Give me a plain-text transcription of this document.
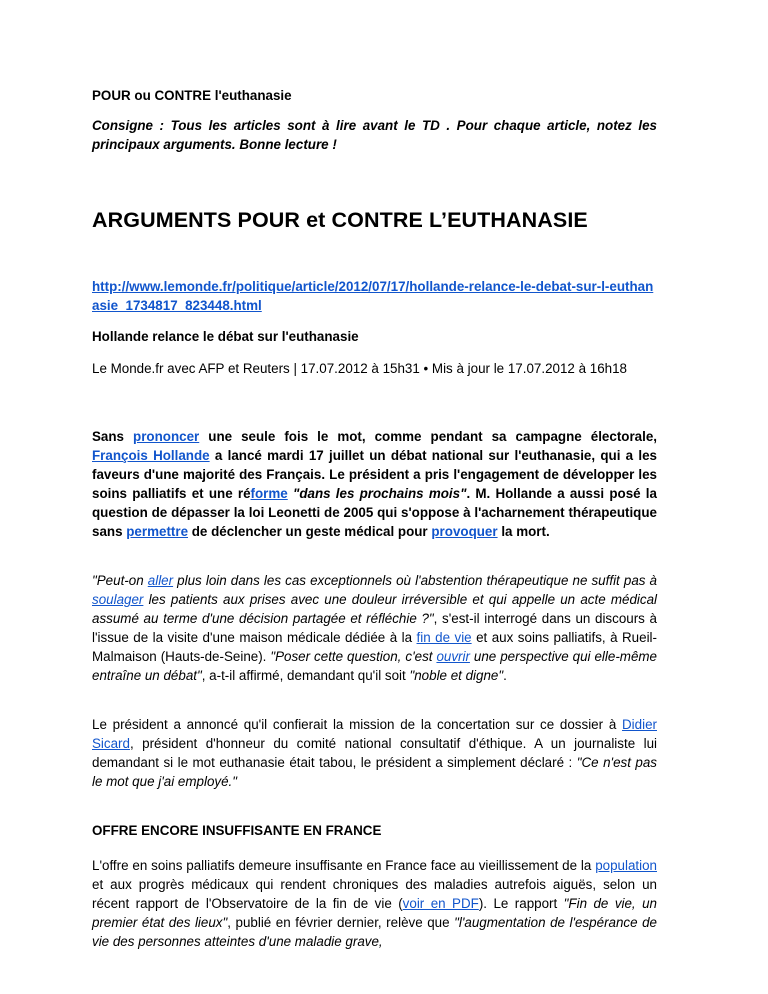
POUR ou CONTRE l'euthanasie

Consigne : Tous les articles sont à lire avant le TD . Pour chaque article, notez les principaux arguments. Bonne lecture !

ARGUMENTS POUR et CONTRE L’EUTHANASIE

http://www.lemonde.fr/politique/article/2012/07/17/hollande-relance-le-debat-sur-l-euthanasie_1734817_823448.html

Hollande relance le débat sur l'euthanasie

Le Monde.fr avec AFP et Reuters | 17.07.2012 à 15h31 • Mis à jour le 17.07.2012 à 16h18

Sans prononcer une seule fois le mot, comme pendant sa campagne électorale, François Hollande a lancé mardi 17 juillet un débat national sur l'euthanasie, qui a les faveurs d'une majorité des Français. Le président a pris l'engagement de développer les soins palliatifs et une réforme "dans les prochains mois". M. Hollande a aussi posé la question de dépasser la loi Leonetti de 2005 qui s'oppose à l'acharnement thérapeutique sans permettre de déclencher un geste médical pour provoquer la mort.

"Peut-on aller plus loin dans les cas exceptionnels où l'abstention thérapeutique ne suffit pas à soulager les patients aux prises avec une douleur irréversible et qui appelle un acte médical assumé au terme d'une décision partagée et réfléchie ?", s'est-il interrogé dans un discours à l'issue de la visite d'une maison médicale dédiée à la fin de vie et aux soins palliatifs, à Rueil-Malmaison (Hauts-de-Seine). "Poser cette question, c'est ouvrir une perspective qui elle-même entraîne un débat", a-t-il affirmé, demandant qu'il soit "noble et digne".

Le président a annoncé qu'il confierait la mission de la concertation sur ce dossier à Didier Sicard, président d'honneur du comité national consultatif d'éthique. A un journaliste lui demandant si le mot euthanasie était tabou, le président a simplement déclaré : "Ce n'est pas le mot que j'ai employé."

OFFRE ENCORE INSUFFISANTE EN FRANCE

L'offre en soins palliatifs demeure insuffisante en France face au vieillissement de la population et aux progrès médicaux qui rendent chroniques des maladies autrefois aiguës, selon un récent rapport de l'Observatoire de la fin de vie (voir en PDF). Le rapport "Fin de vie, un premier état des lieux", publié en février dernier, relève que "l'augmentation de l'espérance de vie des personnes atteintes d'une maladie grave,
